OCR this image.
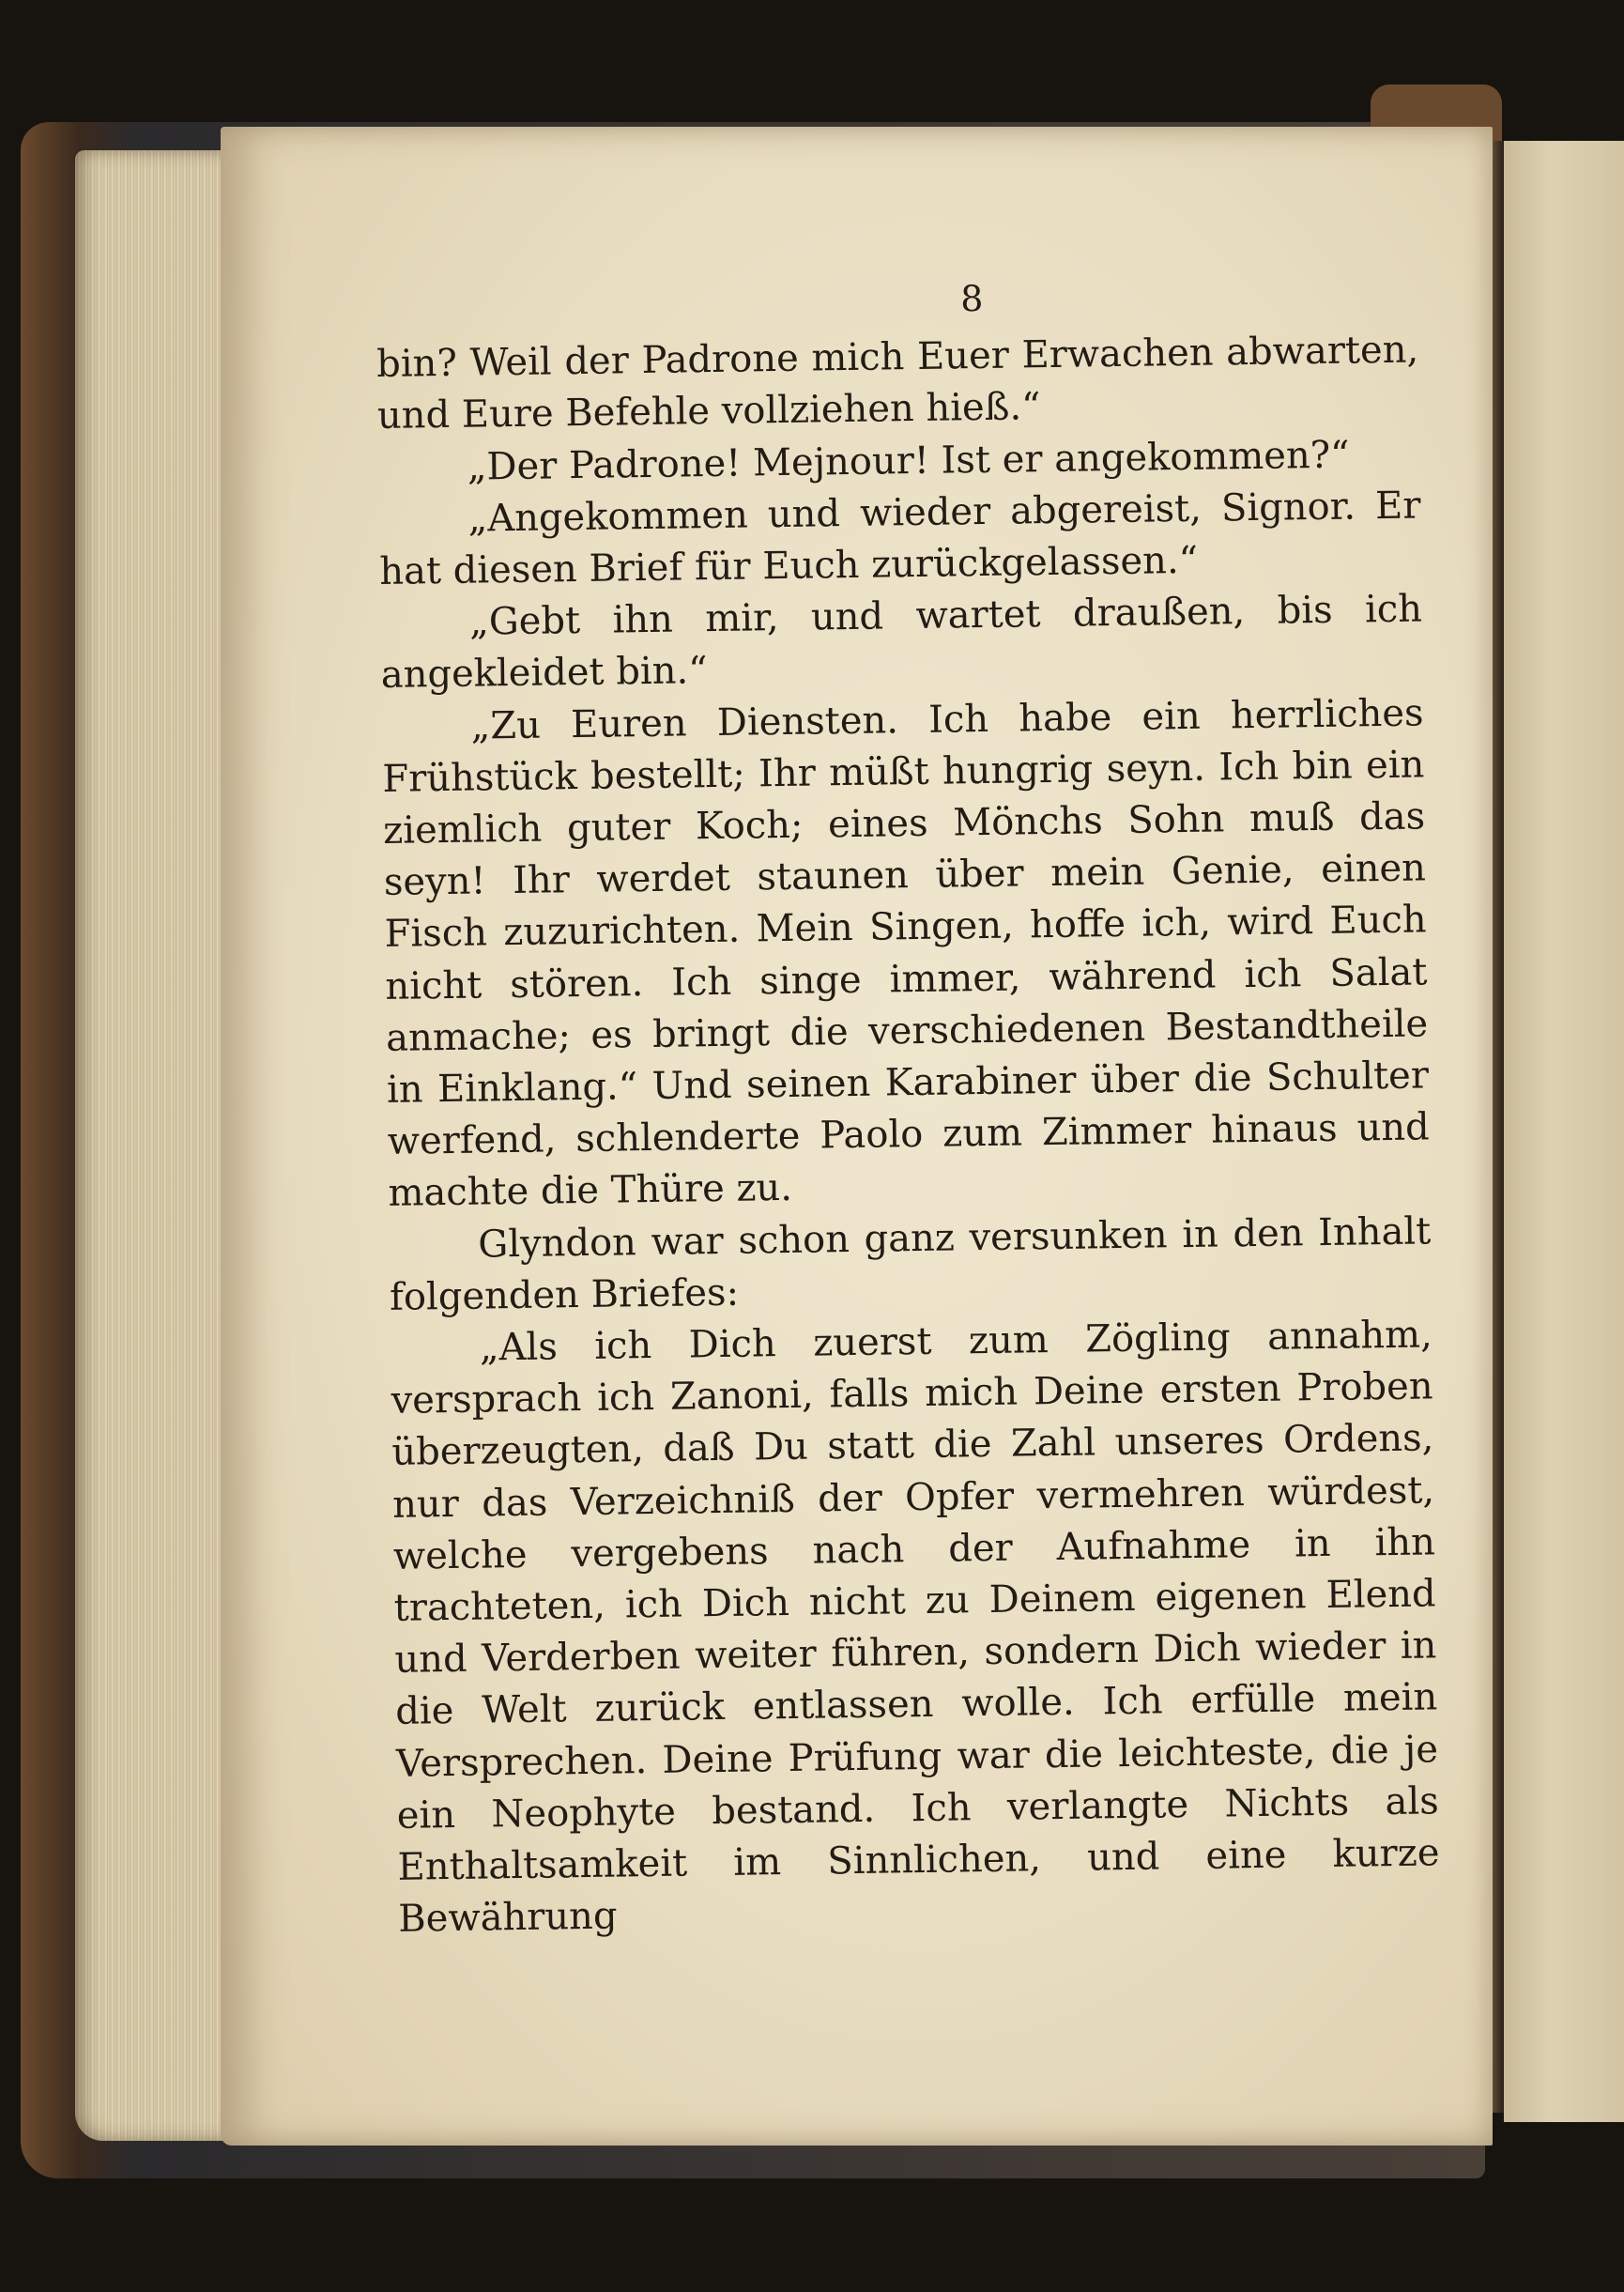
8

bin? Weil der Padrone mich Euer Erwachen abwarten, und Eure Befehle vollziehen hieß.“

„Der Padrone! Mejnour! Ist er angekommen?“

„Angekommen und wieder abgereist, Signor. Er hat diesen Brief für Euch zurückgelassen.“

„Gebt ihn mir, und wartet draußen, bis ich angekleidet bin.“

„Zu Euren Diensten. Ich habe ein herrliches Frühstück bestellt; Ihr müßt hungrig seyn. Ich bin ein ziemlich guter Koch; eines Mönchs Sohn muß das seyn! Ihr werdet staunen über mein Genie, einen Fisch zuzurichten. Mein Singen, hoffe ich, wird Euch nicht stören. Ich singe immer, während ich Salat anmache; es bringt die verschiedenen Bestandtheile in Einklang.“ Und seinen Karabiner über die Schulter werfend, schlenderte Paolo zum Zimmer hinaus und machte die Thüre zu.

Glyndon war schon ganz versunken in den Inhalt folgenden Briefes:

„Als ich Dich zuerst zum Zögling annahm, versprach ich Zanoni, falls mich Deine ersten Proben überzeugten, daß Du statt die Zahl unseres Ordens, nur das Verzeichniß der Opfer vermehren würdest, welche vergebens nach der Aufnahme in ihn trachteten, ich Dich nicht zu Deinem eigenen Elend und Verderben weiter führen, sondern Dich wieder in die Welt zurück entlassen wolle. Ich erfülle mein Versprechen. Deine Prüfung war die leichteste, die je ein Neophyte bestand. Ich verlangte Nichts als Enthaltsamkeit im Sinnlichen, und eine kurze Bewährung
